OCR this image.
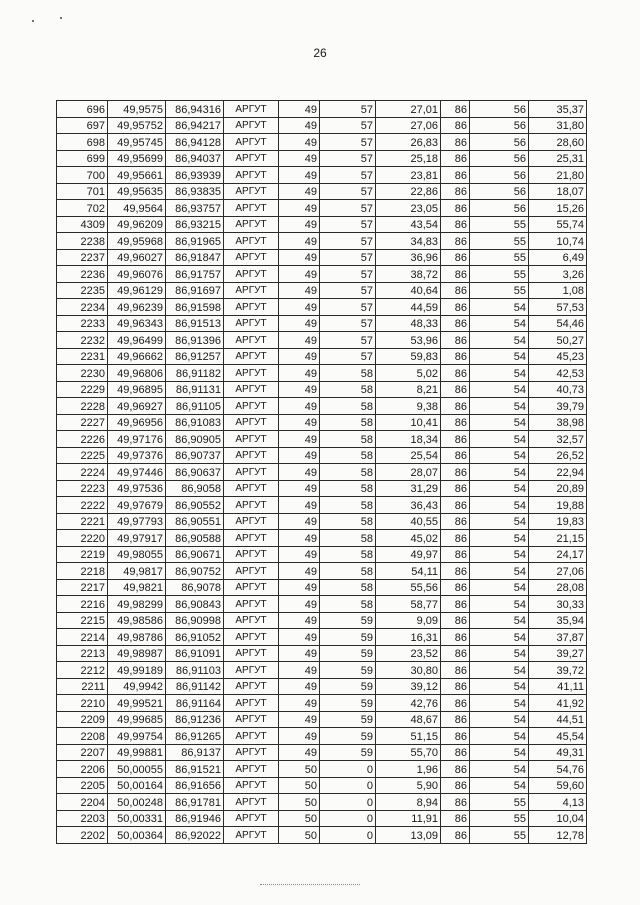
26
696	49,9575	86,94316	АРГУТ	49	57	27,01	86	56	35,37
697	49,95752	86,94217	АРГУТ	49	57	27,06	86	56	31,80
698	49,95745	86,94128	АРГУТ	49	57	26,83	86	56	28,60
699	49,95699	86,94037	АРГУТ	49	57	25,18	86	56	25,31
700	49,95661	86,93939	АРГУТ	49	57	23,81	86	56	21,80
701	49,95635	86,93835	АРГУТ	49	57	22,86	86	56	18,07
702	49,9564	86,93757	АРГУТ	49	57	23,05	86	56	15,26
4309	49,96209	86,93215	АРГУТ	49	57	43,54	86	55	55,74
2238	49,95968	86,91965	АРГУТ	49	57	34,83	86	55	10,74
2237	49,96027	86,91847	АРГУТ	49	57	36,96	86	55	6,49
2236	49,96076	86,91757	АРГУТ	49	57	38,72	86	55	3,26
2235	49,96129	86,91697	АРГУТ	49	57	40,64	86	55	1,08
2234	49,96239	86,91598	АРГУТ	49	57	44,59	86	54	57,53
2233	49,96343	86,91513	АРГУТ	49	57	48,33	86	54	54,46
2232	49,96499	86,91396	АРГУТ	49	57	53,96	86	54	50,27
2231	49,96662	86,91257	АРГУТ	49	57	59,83	86	54	45,23
2230	49,96806	86,91182	АРГУТ	49	58	5,02	86	54	42,53
2229	49,96895	86,91131	АРГУТ	49	58	8,21	86	54	40,73
2228	49,96927	86,91105	АРГУТ	49	58	9,38	86	54	39,79
2227	49,96956	86,91083	АРГУТ	49	58	10,41	86	54	38,98
2226	49,97176	86,90905	АРГУТ	49	58	18,34	86	54	32,57
2225	49,97376	86,90737	АРГУТ	49	58	25,54	86	54	26,52
2224	49,97446	86,90637	АРГУТ	49	58	28,07	86	54	22,94
2223	49,97536	86,9058	АРГУТ	49	58	31,29	86	54	20,89
2222	49,97679	86,90552	АРГУТ	49	58	36,43	86	54	19,88
2221	49,97793	86,90551	АРГУТ	49	58	40,55	86	54	19,83
2220	49,97917	86,90588	АРГУТ	49	58	45,02	86	54	21,15
2219	49,98055	86,90671	АРГУТ	49	58	49,97	86	54	24,17
2218	49,9817	86,90752	АРГУТ	49	58	54,11	86	54	27,06
2217	49,9821	86,9078	АРГУТ	49	58	55,56	86	54	28,08
2216	49,98299	86,90843	АРГУТ	49	58	58,77	86	54	30,33
2215	49,98586	86,90998	АРГУТ	49	59	9,09	86	54	35,94
2214	49,98786	86,91052	АРГУТ	49	59	16,31	86	54	37,87
2213	49,98987	86,91091	АРГУТ	49	59	23,52	86	54	39,27
2212	49,99189	86,91103	АРГУТ	49	59	30,80	86	54	39,72
2211	49,9942	86,91142	АРГУТ	49	59	39,12	86	54	41,11
2210	49,99521	86,91164	АРГУТ	49	59	42,76	86	54	41,92
2209	49,99685	86,91236	АРГУТ	49	59	48,67	86	54	44,51
2208	49,99754	86,91265	АРГУТ	49	59	51,15	86	54	45,54
2207	49,99881	86,9137	АРГУТ	49	59	55,70	86	54	49,31
2206	50,00055	86,91521	АРГУТ	50	0	1,96	86	54	54,76
2205	50,00164	86,91656	АРГУТ	50	0	5,90	86	54	59,60
2204	50,00248	86,91781	АРГУТ	50	0	8,94	86	55	4,13
2203	50,00331	86,91946	АРГУТ	50	0	11,91	86	55	10,04
2202	50,00364	86,92022	АРГУТ	50	0	13,09	86	55	12,78
